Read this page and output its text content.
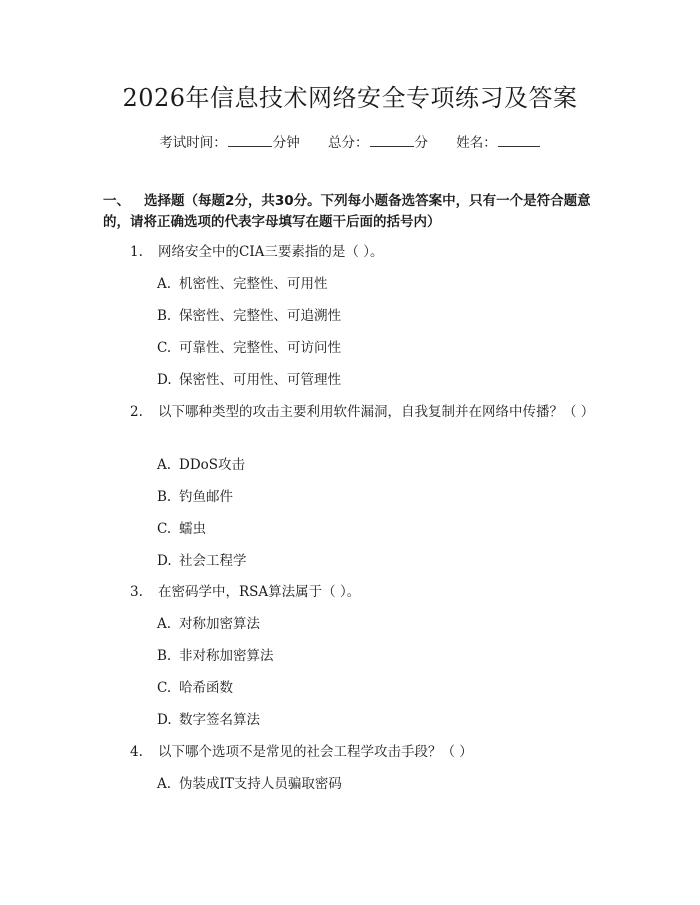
2026年信息技术网络安全专项练习及答案
考试时间：	分钟 总分：	分 姓名：
一、 选择题（每题2分，共30分。下列每小题备选答案中，只有一个是符合题意的，请将正确选项的代表字母填写在题干后面的括号内）
1. 网络安全中的CIA三要素指的是（ ）。
A. 机密性、完整性、可用性
B. 保密性、完整性、可追溯性
C. 可靠性、完整性、可访问性
D. 保密性、可用性、可管理性
2. 以下哪种类型的攻击主要利用软件漏洞，自我复制并在网络中传播？（ ）
A. DDoS攻击
B. 钓鱼邮件
C. 蠕虫
D. 社会工程学
3. 在密码学中，RSA算法属于（ ）。
A. 对称加密算法
B. 非对称加密算法
C. 哈希函数
D. 数字签名算法
4. 以下哪个选项不是常见的社会工程学攻击手段？（ ）
A. 伪装成IT支持人员骗取密码
